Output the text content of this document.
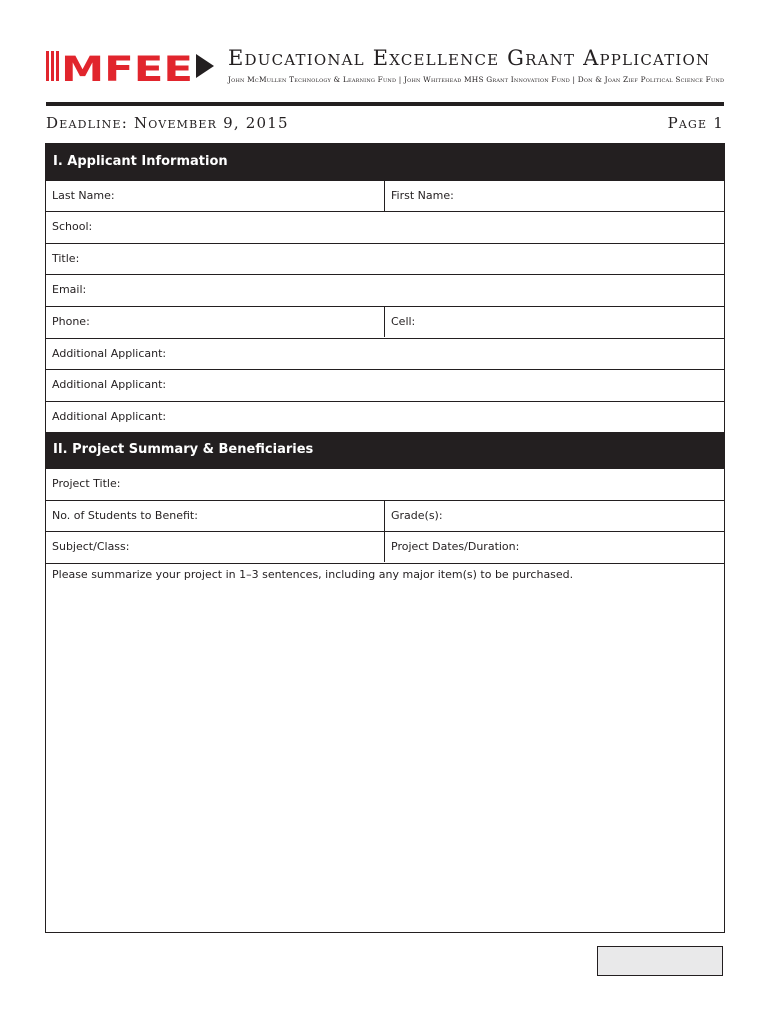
MFEE Educational Excellence Grant Application
John McMullen Technology & Learning Fund | John Whitehead MHS Grant Innovation Fund | Don & Joan Zief Political Science Fund
Deadline: November 9, 2015	Page 1
I. Applicant Information
Last Name:	First Name:
School:
Title:
Email:
Phone:	Cell:
Additional Applicant:
Additional Applicant:
Additional Applicant:
II. Project Summary & Beneficiaries
Project Title:
No. of Students to Benefit:	Grade(s):
Subject/Class:	Project Dates/Duration:
Please summarize your project in 1–3 sentences, including any major item(s) to be purchased.
